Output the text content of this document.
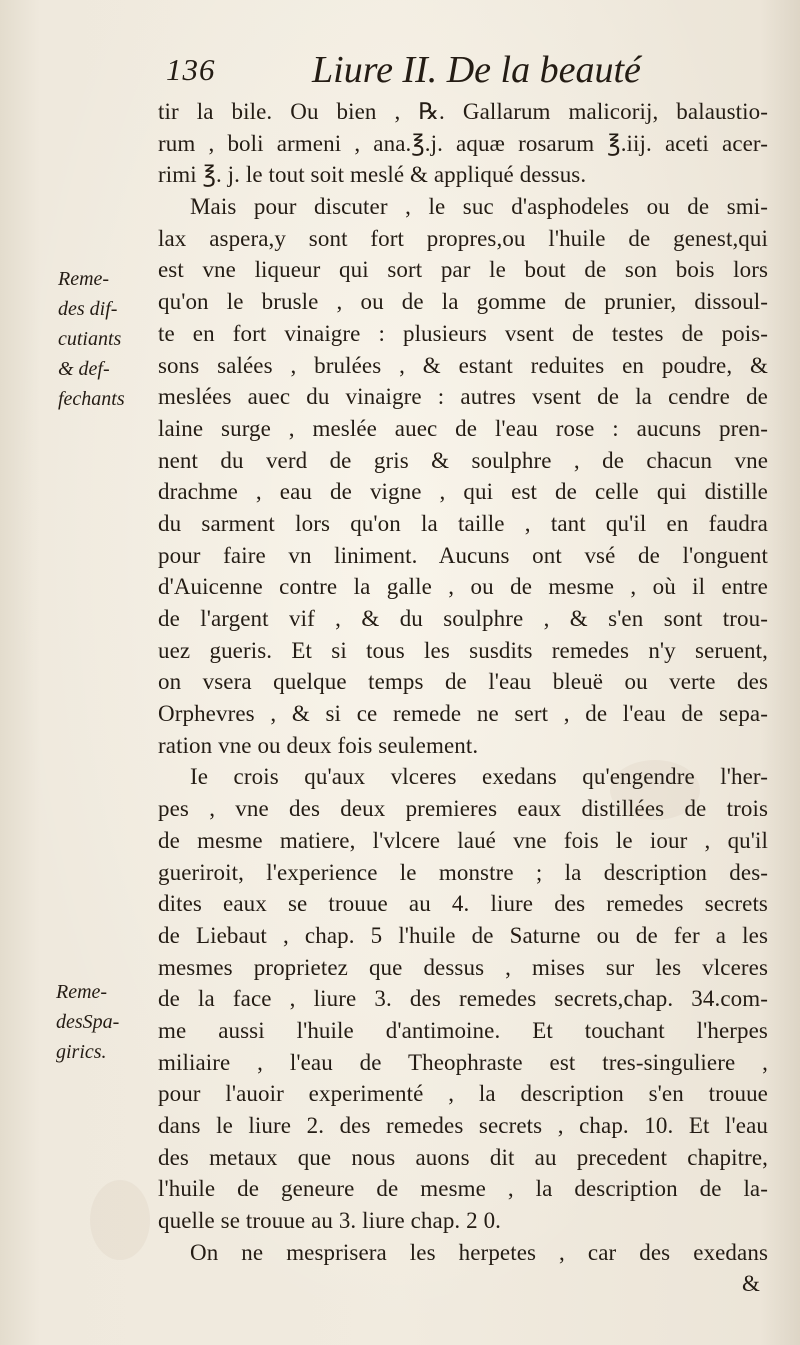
136	Liure II. De la beauté
Reme-
des dif-
cutiants
& def-
fechants
Reme-
desSpa-
girics.
tir la bile. Ou bien , ℞. Gallarum malicorij, balaustio-
rum , boli armeni , ana.℥.j. aquæ rosarum ℥.iij. aceti acer-
rimi ℥. j. le tout soit meslé & appliqué dessus.
Mais pour discuter , le suc d'asphodeles ou de smi-
lax aspera,y sont fort propres,ou l'huile de genest,qui
est vne liqueur qui sort par le bout de son bois lors
qu'on le brusle , ou de la gomme de prunier, dissoul-
te en fort vinaigre : plusieurs vsent de testes de pois-
sons salées , brulées , & estant reduites en poudre, &
meslées auec du vinaigre : autres vsent de la cendre de
laine surge , meslée auec de l'eau rose : aucuns pren-
nent du verd de gris & soulphre , de chacun vne
drachme , eau de vigne , qui est de celle qui distille
du sarment lors qu'on la taille , tant qu'il en faudra
pour faire vn liniment. Aucuns ont vsé de l'onguent
d'Auicenne contre la galle , ou de mesme , où il entre
de l'argent vif , & du soulphre , & s'en sont trou-
uez gueris. Et si tous les susdits remedes n'y seruent,
on vsera quelque temps de l'eau bleuë ou verte des
Orphevres , & si ce remede ne sert , de l'eau de sepa-
ration vne ou deux fois seulement.
Ie crois qu'aux vlceres exedans qu'engendre l'her-
pes , vne des deux premieres eaux distillées de trois
de mesme matiere, l'vlcere laué vne fois le iour , qu'il
gueriroit, l'experience le monstre ; la description des-
dites eaux se trouue au 4. liure des remedes secrets
de Liebaut , chap. 5 l'huile de Saturne ou de fer a les
mesmes proprietez que dessus , mises sur les vlceres
de la face , liure 3. des remedes secrets,chap. 34.com-
me aussi l'huile d'antimoine. Et touchant l'herpes
miliaire , l'eau de Theophraste est tres-singuliere ,
pour l'auoir experimenté , la description s'en trouue
dans le liure 2. des remedes secrets , chap. 10. Et l'eau
des metaux que nous auons dit au precedent chapitre,
l'huile de geneure de mesme , la description de la-
quelle se trouue au 3. liure chap. 2 0.
On ne mesprisera les herpetes , car des exedans
&
